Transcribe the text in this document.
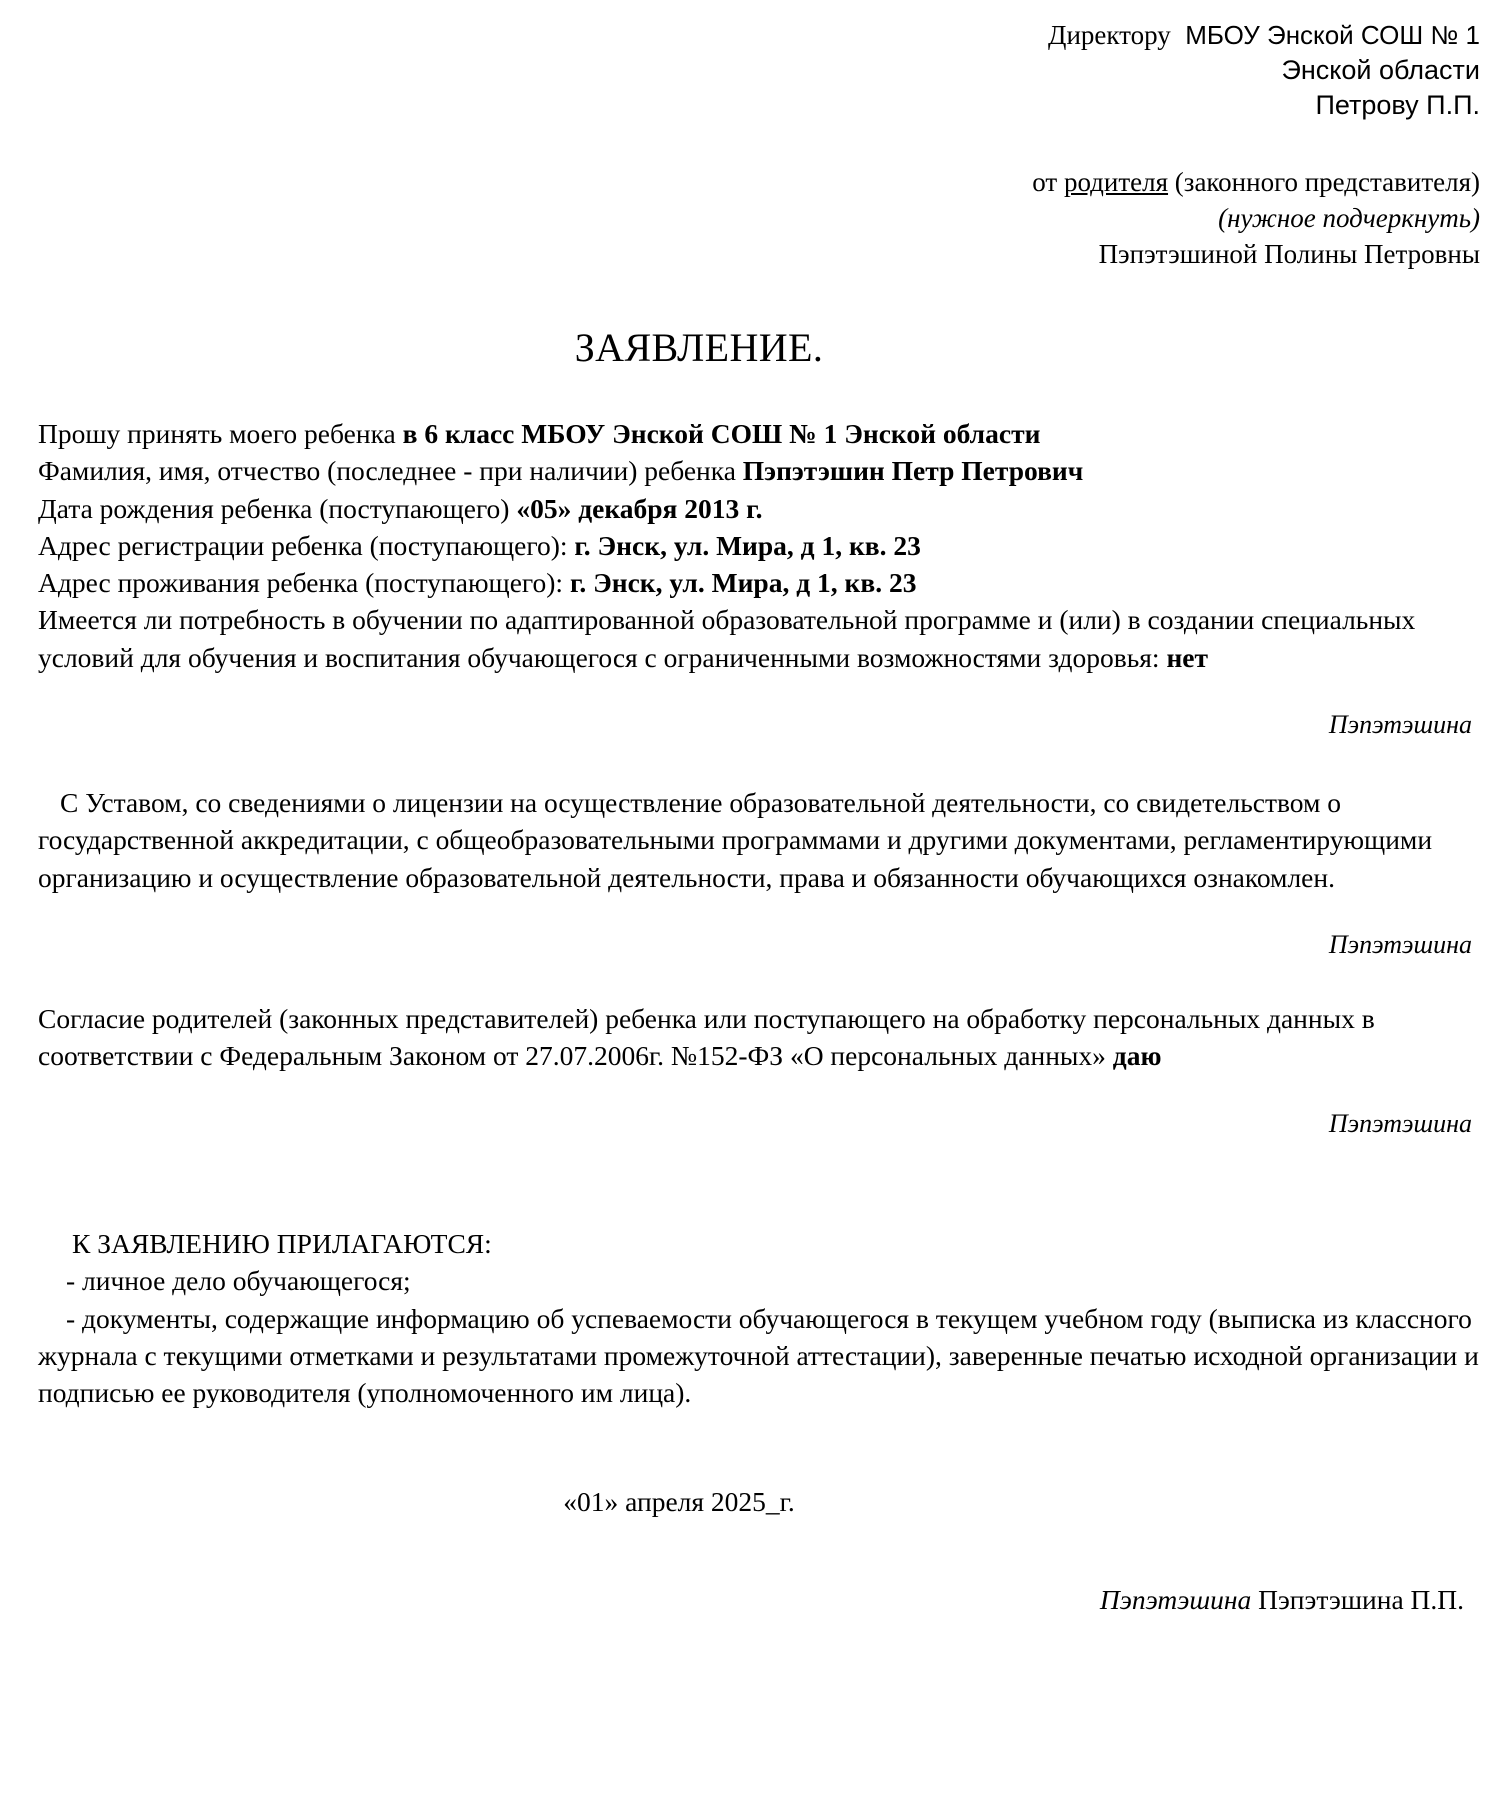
Директору МБОУ Энской СОШ № 1
Энской области
Петрову П.П.
от родителя (законного представителя)
(нужное подчеркнуть)
Пэпэтэшиной Полины Петровны
ЗАЯВЛЕНИЕ.
Прошу принять моего ребенка в 6 класс МБОУ Энской СОШ № 1 Энской области
Фамилия, имя, отчество (последнее - при наличии) ребенка Пэпэтэшин Петр Петрович
Дата рождения ребенка (поступающего) «05» декабря 2013 г.
Адрес регистрации ребенка (поступающего): г. Энск, ул. Мира, д 1, кв. 23
Адрес проживания ребенка (поступающего): г. Энск, ул. Мира, д 1, кв. 23
Имеется ли потребность в обучении по адаптированной образовательной программе и (или) в создании специальных условий для обучения и воспитания обучающегося с ограниченными возможностями здоровья: нет
Пэпэтэшина
С Уставом, со сведениями о лицензии на осуществление образовательной деятельности, со свидетельством о государственной аккредитации, с общеобразовательными программами и другими документами, регламентирующими организацию и осуществление образовательной деятельности, права и обязанности обучающихся ознакомлен.
Пэпэтэшина
Согласие родителей (законных представителей) ребенка или поступающего на обработку персональных данных в соответствии с Федеральным Законом от 27.07.2006г. №152-ФЗ «О персональных данных» даю
Пэпэтэшина
К ЗАЯВЛЕНИЮ ПРИЛАГАЮТСЯ:
- личное дело обучающегося;
- документы, содержащие информацию об успеваемости обучающегося в текущем учебном году (выписка из классного журнала с текущими отметками и результатами промежуточной аттестации), заверенные печатью исходной организации и подписью ее руководителя (уполномоченного им лица).
«01» апреля 2025_г.
Пэпэтэшина Пэпэтэшина П.П.
